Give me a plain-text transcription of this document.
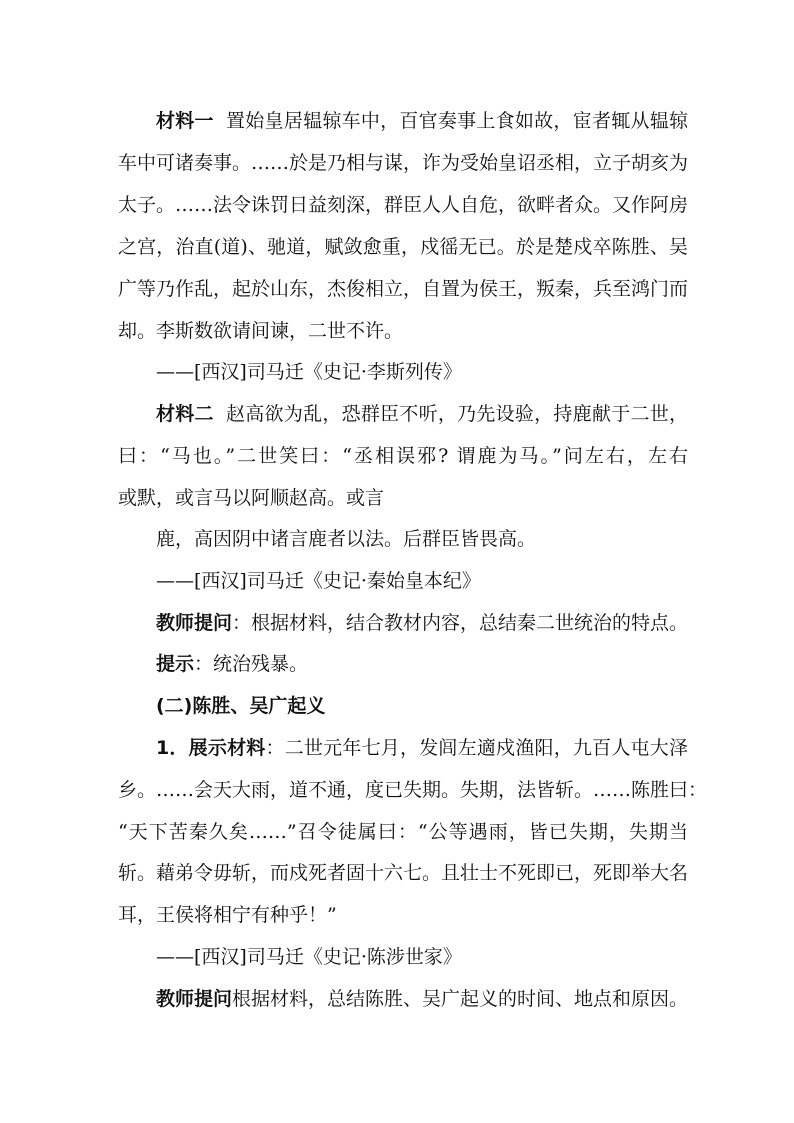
材料一 置始皇居辒辌车中，百官奏事上食如故，宦者辄从辒辌
车中可诸奏事。……於是乃相与谋，诈为受始皇诏丞相，立子胡亥为
太子。……法令诛罚日益刻深，群臣人人自危，欲畔者众。又作阿房
之宫，治直(道)、驰道，赋敛愈重，戍徭无已。於是楚戍卒陈胜、吴
广等乃作乱，起於山东，杰俊相立，自置为侯王，叛秦，兵至鸿门而
却。李斯数欲请间谏，二世不许。
——[西汉]司马迁《史记·李斯列传》
材料二 赵高欲为乱，恐群臣不听，乃先设验，持鹿献于二世，
曰：“马也。”二世笑曰：“丞相误邪? 谓鹿为马。”问左右，左右
或默，或言马以阿顺赵高。或言
鹿，高因阴中诸言鹿者以法。后群臣皆畏高。
——[西汉]司马迁《史记·秦始皇本纪》
教师提问：根据材料，结合教材内容，总结秦二世统治的特点。
提示：统治残暴。
(二)陈胜、吴广起义
1．展示材料：二世元年七月，发闾左適戍渔阳，九百人屯大泽
乡。……会天大雨，道不通，度已失期。失期，法皆斩。……陈胜曰：
“天下苦秦久矣……”召令徒属曰：“公等遇雨，皆已失期，失期当
斩。藉弟令毋斩，而戍死者固十六七。且壮士不死即已，死即举大名
耳，王侯将相宁有种乎！”
——[西汉]司马迁《史记·陈涉世家》
教师提问根据材料，总结陈胜、吴广起义的时间、地点和原因。
